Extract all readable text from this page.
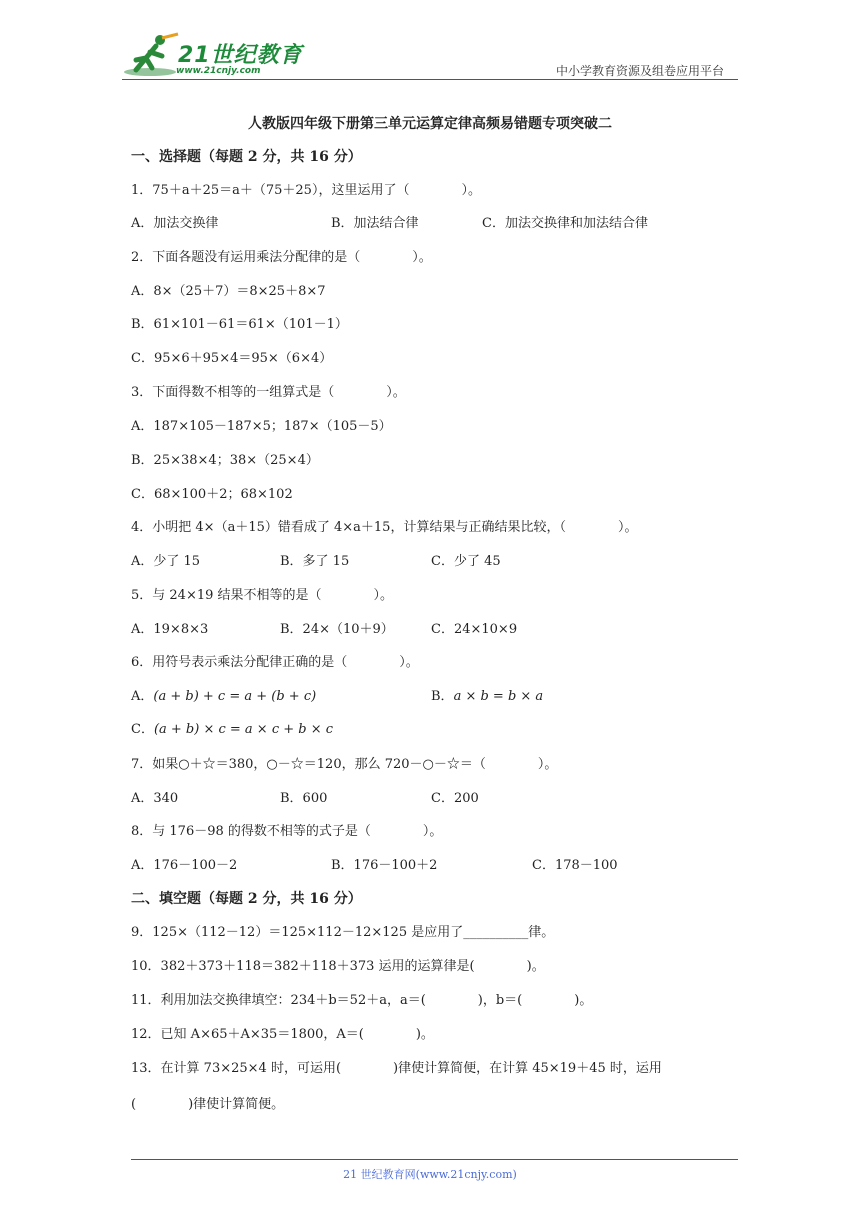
21世纪教育
www.21cnjy.com	中小学教育资源及组卷应用平台
人教版四年级下册第三单元运算定律高频易错题专项突破二
一、选择题（每题 2 分，共 16 分）
1．75＋a＋25＝a＋（75＋25），这里运用了（　　　　）。
A．加法交换律	B．加法结合律	C．加法交换律和加法结合律
2．下面各题没有运用乘法分配律的是（　　　　）。
A．8×（25＋7）＝8×25＋8×7
B．61×101－61＝61×（101－1）
C．95×6＋95×4＝95×（6×4）
3．下面得数不相等的一组算式是（　　　　）。
A．187×105－187×5；187×（105－5）
B．25×38×4；38×（25×4）
C．68×100＋2；68×102
4．小明把 4×（a＋15）错看成了 4×a＋15，计算结果与正确结果比较，（　　　　）。
A．少了 15	B．多了 15	C．少了 45
5．与 24×19 结果不相等的是（　　　　）。
A．19×8×3	B．24×（10＋9）	C．24×10×9
6．用符号表示乘法分配律正确的是（　　　　）。
A．(a + b) + c = a + (b + c)	B．a × b = b × a
C．(a + b) × c = a × c + b × c
7．如果○＋☆＝380，○－☆＝120，那么 720－○－☆＝（　　　　）。
A．340	B．600	C．200
8．与 176－98 的得数不相等的式子是（　　　　）。
A．176－100－2	B．176－100＋2	C．178－100
二、填空题（每题 2 分，共 16 分）
9．125×（112－12）＝125×112－12×125 是应用了__________律。
10．382＋373＋118＝382＋118＋373 运用的运算律是(　　　　)。
11．利用加法交换律填空：234＋b＝52＋a，a＝(　　　　)，b＝(　　　　)。
12．已知 A×65＋A×35＝1800，A＝(　　　　)。
13．在计算 73×25×4 时，可运用(　　　　)律使计算简便，在计算 45×19＋45 时，运用
(　　　　)律使计算简便。
21 世纪教育网(www.21cnjy.com)
